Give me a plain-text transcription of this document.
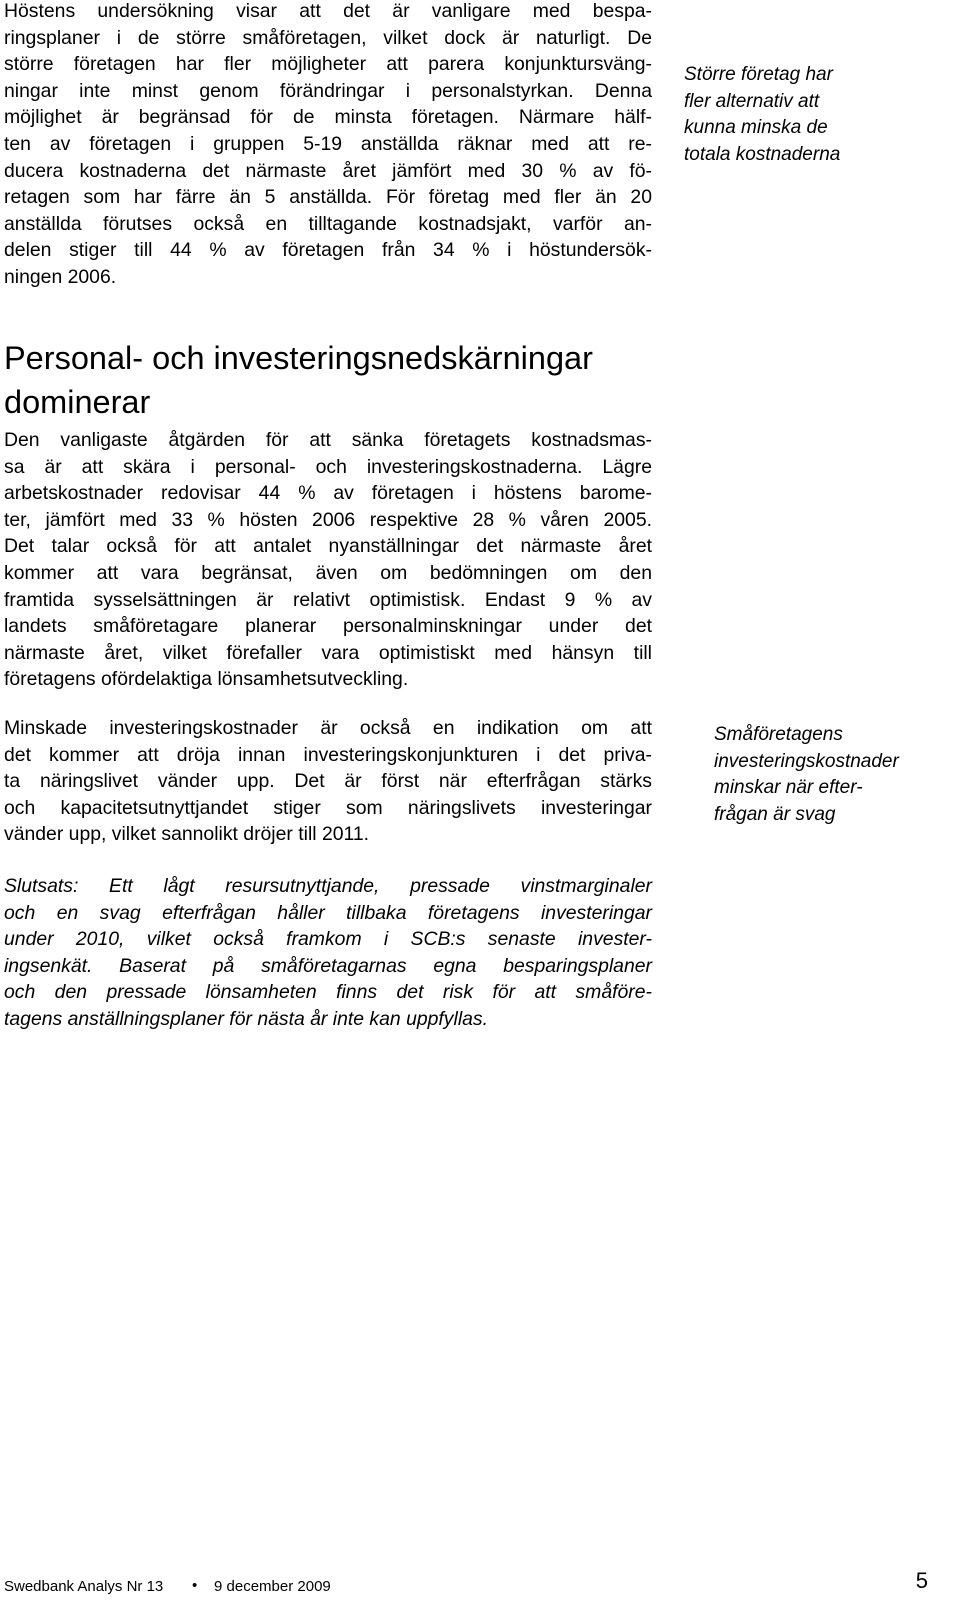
Höstens undersökning visar att det är vanligare med bespa-
ringsplaner i de större småföretagen, vilket dock är naturligt. De
större företagen har fler möjligheter att parera konjunktursväng-
ningar inte minst genom förändringar i personalstyrkan. Denna
möjlighet är begränsad för de minsta företagen. Närmare hälf-
ten av företagen i gruppen 5-19 anställda räknar med att re-
ducera kostnaderna det närmaste året jämfört med 30 % av fö-
retagen som har färre än 5 anställda. För företag med fler än 20
anställda förutses också en tilltagande kostnadsjakt, varför an-
delen stiger till 44 % av företagen från 34 % i höstundersök-
ningen 2006.
Större företag har
fler alternativ att
kunna minska de
totala kostnaderna
Personal- och investeringsnedskärningar
dominerar
Den vanligaste åtgärden för att sänka företagets kostnadsmas-
sa är att skära i personal- och investeringskostnaderna. Lägre
arbetskostnader redovisar 44 % av företagen i höstens barome-
ter, jämfört med 33 % hösten 2006 respektive 28 % våren 2005.
Det talar också för att antalet nyanställningar det närmaste året
kommer att vara begränsat, även om bedömningen om den
framtida sysselsättningen är relativt optimistisk. Endast 9 % av
landets småföretagare planerar personalminskningar under det
närmaste året, vilket förefaller vara optimistiskt med hänsyn till
företagens ofördelaktiga lönsamhetsutveckling.
Minskade investeringskostnader är också en indikation om att
det kommer att dröja innan investeringskonjunkturen i det priva-
ta näringslivet vänder upp. Det är först när efterfrågan stärks
och kapacitetsutnyttjandet stiger som näringslivets investeringar
vänder upp, vilket sannolikt dröjer till 2011.
Småföretagens
investeringskostnader
minskar när efter-
frågan är svag
Slutsats: Ett lågt resursutnyttjande, pressade vinstmarginaler
och en svag efterfrågan håller tillbaka företagens investeringar
under 2010, vilket också framkom i SCB:s senaste invester-
ingsenkät. Baserat på småföretagarnas egna besparingsplaner
och den pressade lönsamheten finns det risk för att småföre-
tagens anställningsplaner för nästa år inte kan uppfyllas.
Swedbank Analys Nr 13 • 9 december 2009	5
